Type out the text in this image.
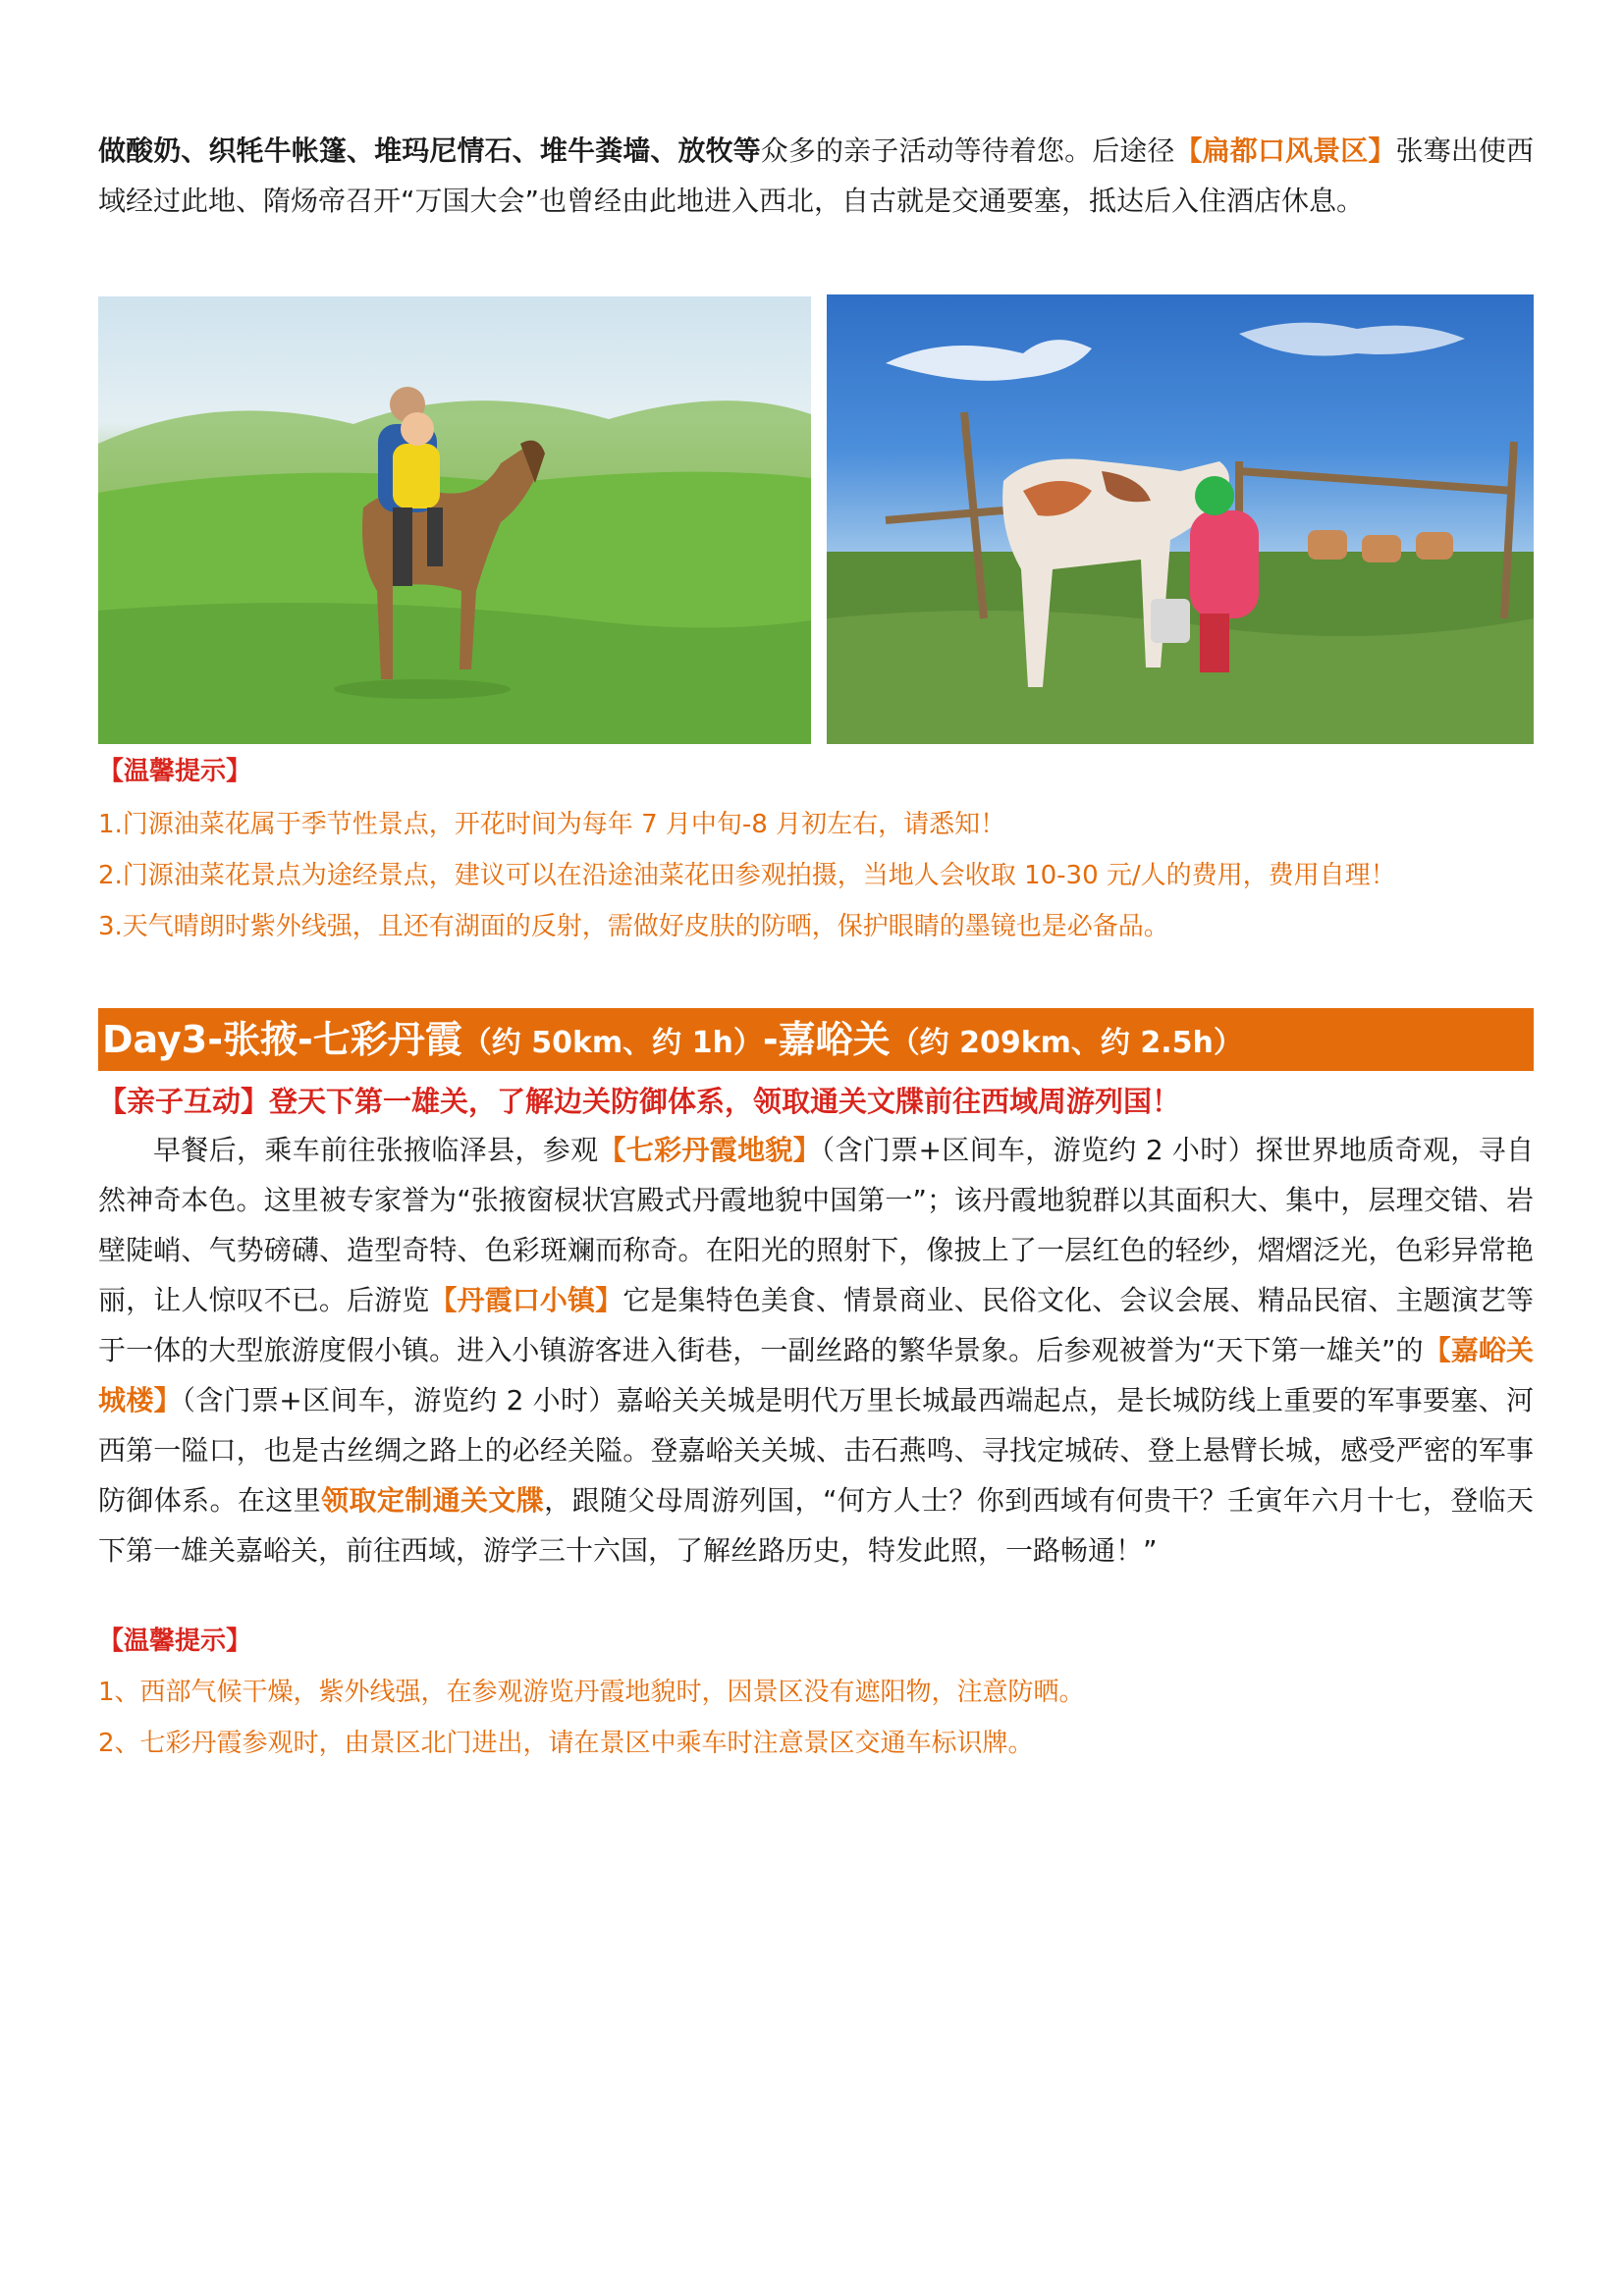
做酸奶、织牦牛帐篷、堆玛尼情石、堆牛粪墙、放牧等众多的亲子活动等待着您。后途径【扁都口风景区】张骞出使西域经过此地、隋炀帝召开“万国大会”也曾经由此地进入西北，自古就是交通要塞，抵达后入住酒店休息。

【温馨提示】
1.门源油菜花属于季节性景点，开花时间为每年 7 月中旬-8 月初左右，请悉知！
2.门源油菜花景点为途经景点，建议可以在沿途油菜花田参观拍摄，当地人会收取 10-30 元/人的费用，费用自理！
3.天气晴朗时紫外线强，且还有湖面的反射，需做好皮肤的防晒，保护眼睛的墨镜也是必备品。
Day3-张掖-七彩丹霞（约 50km、约 1h）-嘉峪关（约 209km、约 2.5h）
【亲子互动】登天下第一雄关，了解边关防御体系，领取通关文牒前往西域周游列国！

早餐后，乘车前往张掖临泽县，参观【七彩丹霞地貌】（含门票+区间车，游览约 2 小时）探世界地质奇观，寻自然神奇本色。这里被专家誉为“张掖窗棂状宫殿式丹霞地貌中国第一”；该丹霞地貌群以其面积大、集中，层理交错、岩壁陡峭、气势磅礴、造型奇特、色彩斑斓而称奇。在阳光的照射下，像披上了一层红色的轻纱，熠熠泛光，色彩异常艳丽，让人惊叹不已。后游览【丹霞口小镇】它是集特色美食、情景商业、民俗文化、会议会展、精品民宿、主题演艺等于一体的大型旅游度假小镇。进入小镇游客进入街巷，一副丝路的繁华景象。后参观被誉为“天下第一雄关”的【嘉峪关城楼】（含门票+区间车，游览约 2 小时）嘉峪关关城是明代万里长城最西端起点，是长城防线上重要的军事要塞、河西第一隘口，也是古丝绸之路上的必经关隘。登嘉峪关关城、击石燕鸣、寻找定城砖、登上悬臂长城，感受严密的军事防御体系。在这里领取定制通关文牒，跟随父母周游列国，“何方人士？你到西域有何贵干？壬寅年六月十七，登临天下第一雄关嘉峪关，前往西域，游学三十六国，了解丝路历史，特发此照，一路畅通！”

【温馨提示】
1、西部气候干燥，紫外线强，在参观游览丹霞地貌时，因景区没有遮阳物，注意防晒。
2、七彩丹霞参观时，由景区北门进出，请在景区中乘车时注意景区交通车标识牌。
